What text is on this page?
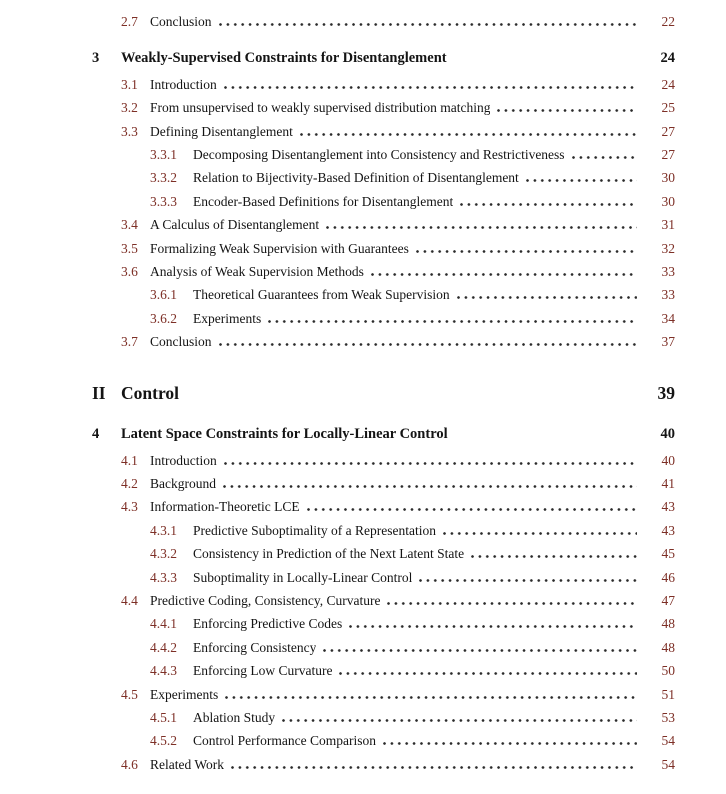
2.7 Conclusion	22
3	Weakly-Supervised Constraints for Disentanglement	24
3.1 Introduction	24
3.2 From unsupervised to weakly supervised distribution matching	25
3.3 Defining Disentanglement	27
3.3.1	Decomposing Disentanglement into Consistency and Restrictiveness	27
3.3.2	Relation to Bijectivity-Based Definition of Disentanglement	30
3.3.3	Encoder-Based Definitions for Disentanglement	30
3.4 A Calculus of Disentanglement	31
3.5 Formalizing Weak Supervision with Guarantees	32
3.6 Analysis of Weak Supervision Methods	33
3.6.1	Theoretical Guarantees from Weak Supervision	33
3.6.2	Experiments	34
3.7 Conclusion	37
II Control	39
4	Latent Space Constraints for Locally-Linear Control	40
4.1 Introduction	40
4.2 Background	41
4.3 Information-Theoretic LCE	43
4.3.1	Predictive Suboptimality of a Representation	43
4.3.2	Consistency in Prediction of the Next Latent State	45
4.3.3	Suboptimality in Locally-Linear Control	46
4.4 Predictive Coding, Consistency, Curvature	47
4.4.1	Enforcing Predictive Codes	48
4.4.2	Enforcing Consistency	48
4.4.3	Enforcing Low Curvature	50
4.5 Experiments	51
4.5.1	Ablation Study	53
4.5.2	Control Performance Comparison	54
4.6 Related Work	54
